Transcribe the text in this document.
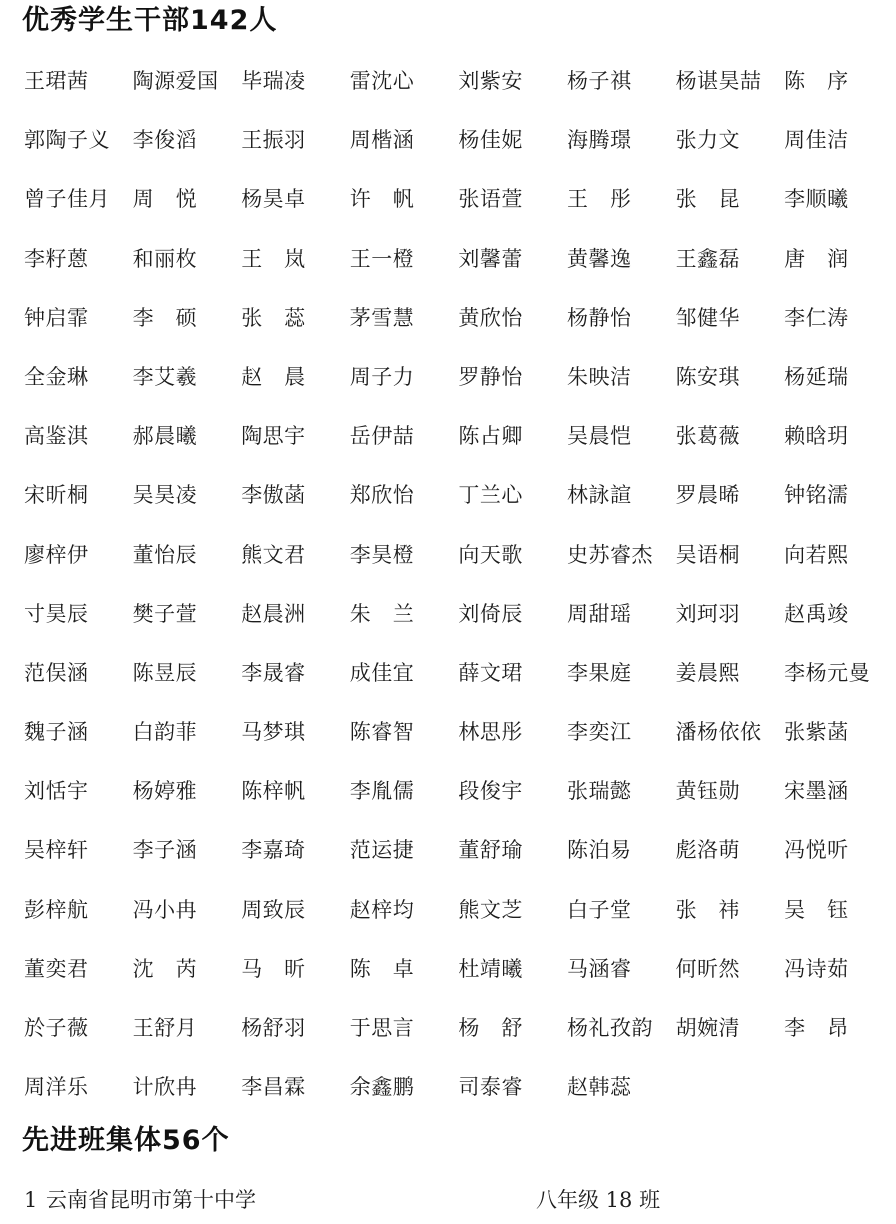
优秀学生干部142人
王珺茜	陶源爱国	毕瑞凌	雷沈心	刘紫安	杨子祺	杨谌昊喆	陈　序
郭陶子义	李俊滔	王振羽	周楷涵	杨佳妮	海腾璟	张力文	周佳洁
曾子佳月	周　悦	杨昊卓	许　帆	张语萱	王　彤	张　昆	李顺曦
李籽蒽	和丽枚	王　岚	王一橙	刘馨蕾	黄馨逸	王鑫磊	唐　润
钟启霏	李　硕	张　蕊	茅雪慧	黄欣怡	杨静怡	邹健华	李仁涛
全金琳	李艾羲	赵　晨	周子力	罗静怡	朱映洁	陈安琪	杨延瑞
高鉴淇	郝晨曦	陶思宇	岳伊喆	陈占卿	吴晨恺	张葛薇	赖晗玥
宋昕桐	吴昊凌	李傲菡	郑欣怡	丁兰心	林詠諠	罗晨晞	钟铭濡
廖梓伊	董怡辰	熊文君	李昊橙	向天歌	史苏睿杰	吴语桐	向若熙
寸昊辰	樊子萱	赵晨洲	朱　兰	刘倚辰	周甜瑶	刘珂羽	赵禹竣
范俣涵	陈昱辰	李晟睿	成佳宜	薛文珺	李果庭	姜晨熙	李杨元曼
魏子涵	白韵菲	马梦琪	陈睿智	林思彤	李奕江	潘杨依依	张紫菡
刘恬宇	杨婷雅	陈梓帆	李胤儒	段俊宇	张瑞懿	黄钰勋	宋墨涵
吴梓轩	李子涵	李嘉琦	范运捷	董舒瑜	陈泊易	彪洛萌	冯悦听
彭梓航	冯小冉	周致辰	赵梓均	熊文芝	白子堂	张　祎	吴　钰
董奕君	沈　芮	马　昕	陈　卓	杜靖曦	马涵睿	何昕然	冯诗茹
於子薇	王舒月	杨舒羽	于思言	杨　舒	杨礼孜韵	胡婉清	李　昂
周洋乐	计欣冉	李昌霖	余鑫鹏	司泰睿	赵韩蕊
先进班集体56个
1 云南省昆明市第十中学	八年级 18 班
